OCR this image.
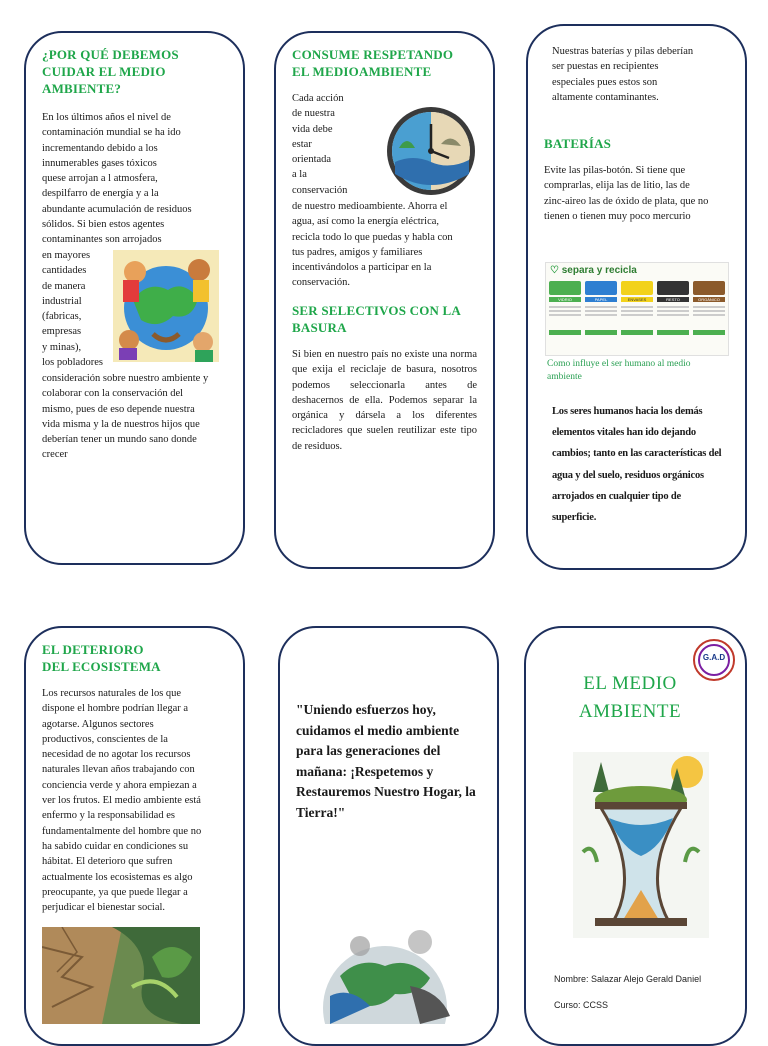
¿POR QUÉ DEBEMOS CUIDAR EL MEDIO AMBIENTE?
En los últimos años el nivel de
contaminación mundial se ha ido
incrementando debido a los
innumerables gases tóxicos
quese arrojan a l atmosfera,
despilfarro de energía y a la
abundante acumulación de residuos
sólidos. Si bien estos agentes
contaminantes son arrojados
en mayores
cantidades
de manera
industrial
(fabricas,
empresas
y minas),
los pobladores
consideración sobre nuestro ambiente y
colaborar con la conservación del
mismo, pues de eso depende nuestra
vida misma y la de nuestros hijos que
deberían tener un mundo sano donde
crecer
CONSUME RESPETANDO EL MEDIOAMBIENTE
Cada acción
de nuestra
vida debe
estar
orientada
a la
conservación
de nuestro medioambiente. Ahorra el
agua, así como la energía eléctrica,
recicla todo lo que puedas y habla con
tus padres, amigos y familiares
incentivándolos a participar en la
conservación.
SER SELECTIVOS CON LA BASURA
Si bien en nuestro país no existe una norma que exija el reciclaje de basura, nosotros podemos seleccionarla antes de deshacernos de ella. Podemos separar la orgánica y dársela a los diferentes recicladores que suelen reutilizar este tipo de residuos.
Nuestras baterías y pilas deberían
ser puestas en recipientes
especiales pues estos son
altamente contaminantes.
BATERÍAS
Evite las pilas-botón. Si tiene que
comprarlas, elija las de litio, las de
zinc-aireo las de óxido de plata, que no
tienen o tienen muy poco mercurio
♡ separa y recicla
VIDRIO	PAPEL	ENVASES	RESTO	ORGÁNICO
Como influye el ser humano al medio ambiente
Los seres humanos hacia los demás
elementos vitales han ido dejando
cambios; tanto en las características del
agua y del suelo, residuos orgánicos
arrojados en cualquier tipo de
superficie.
EL DETERIORO DEL ECOSISTEMA
Los recursos naturales de los que
dispone el hombre podrían llegar a
agotarse. Algunos sectores
productivos, conscientes de la
necesidad de no agotar los recursos
naturales llevan años trabajando con
conciencia verde y ahora empiezan a
ver los frutos. El medio ambiente está
enfermo y la responsabilidad es
fundamentalmente del hombre que no
ha sabido cuidar en condiciones su
hábitat. El deterioro que sufren
actualmente los ecosistemas es algo
preocupante, ya que puede llegar a
perjudicar el bienestar social.
"Uniendo esfuerzos hoy, cuidamos el medio ambiente para las generaciones del mañana: ¡Respetemos y Restauremos Nuestro Hogar, la Tierra!"
G.A.D
EL MEDIO
AMBIENTE
Nombre: Salazar Alejo Gerald Daniel
Curso: CCSS
